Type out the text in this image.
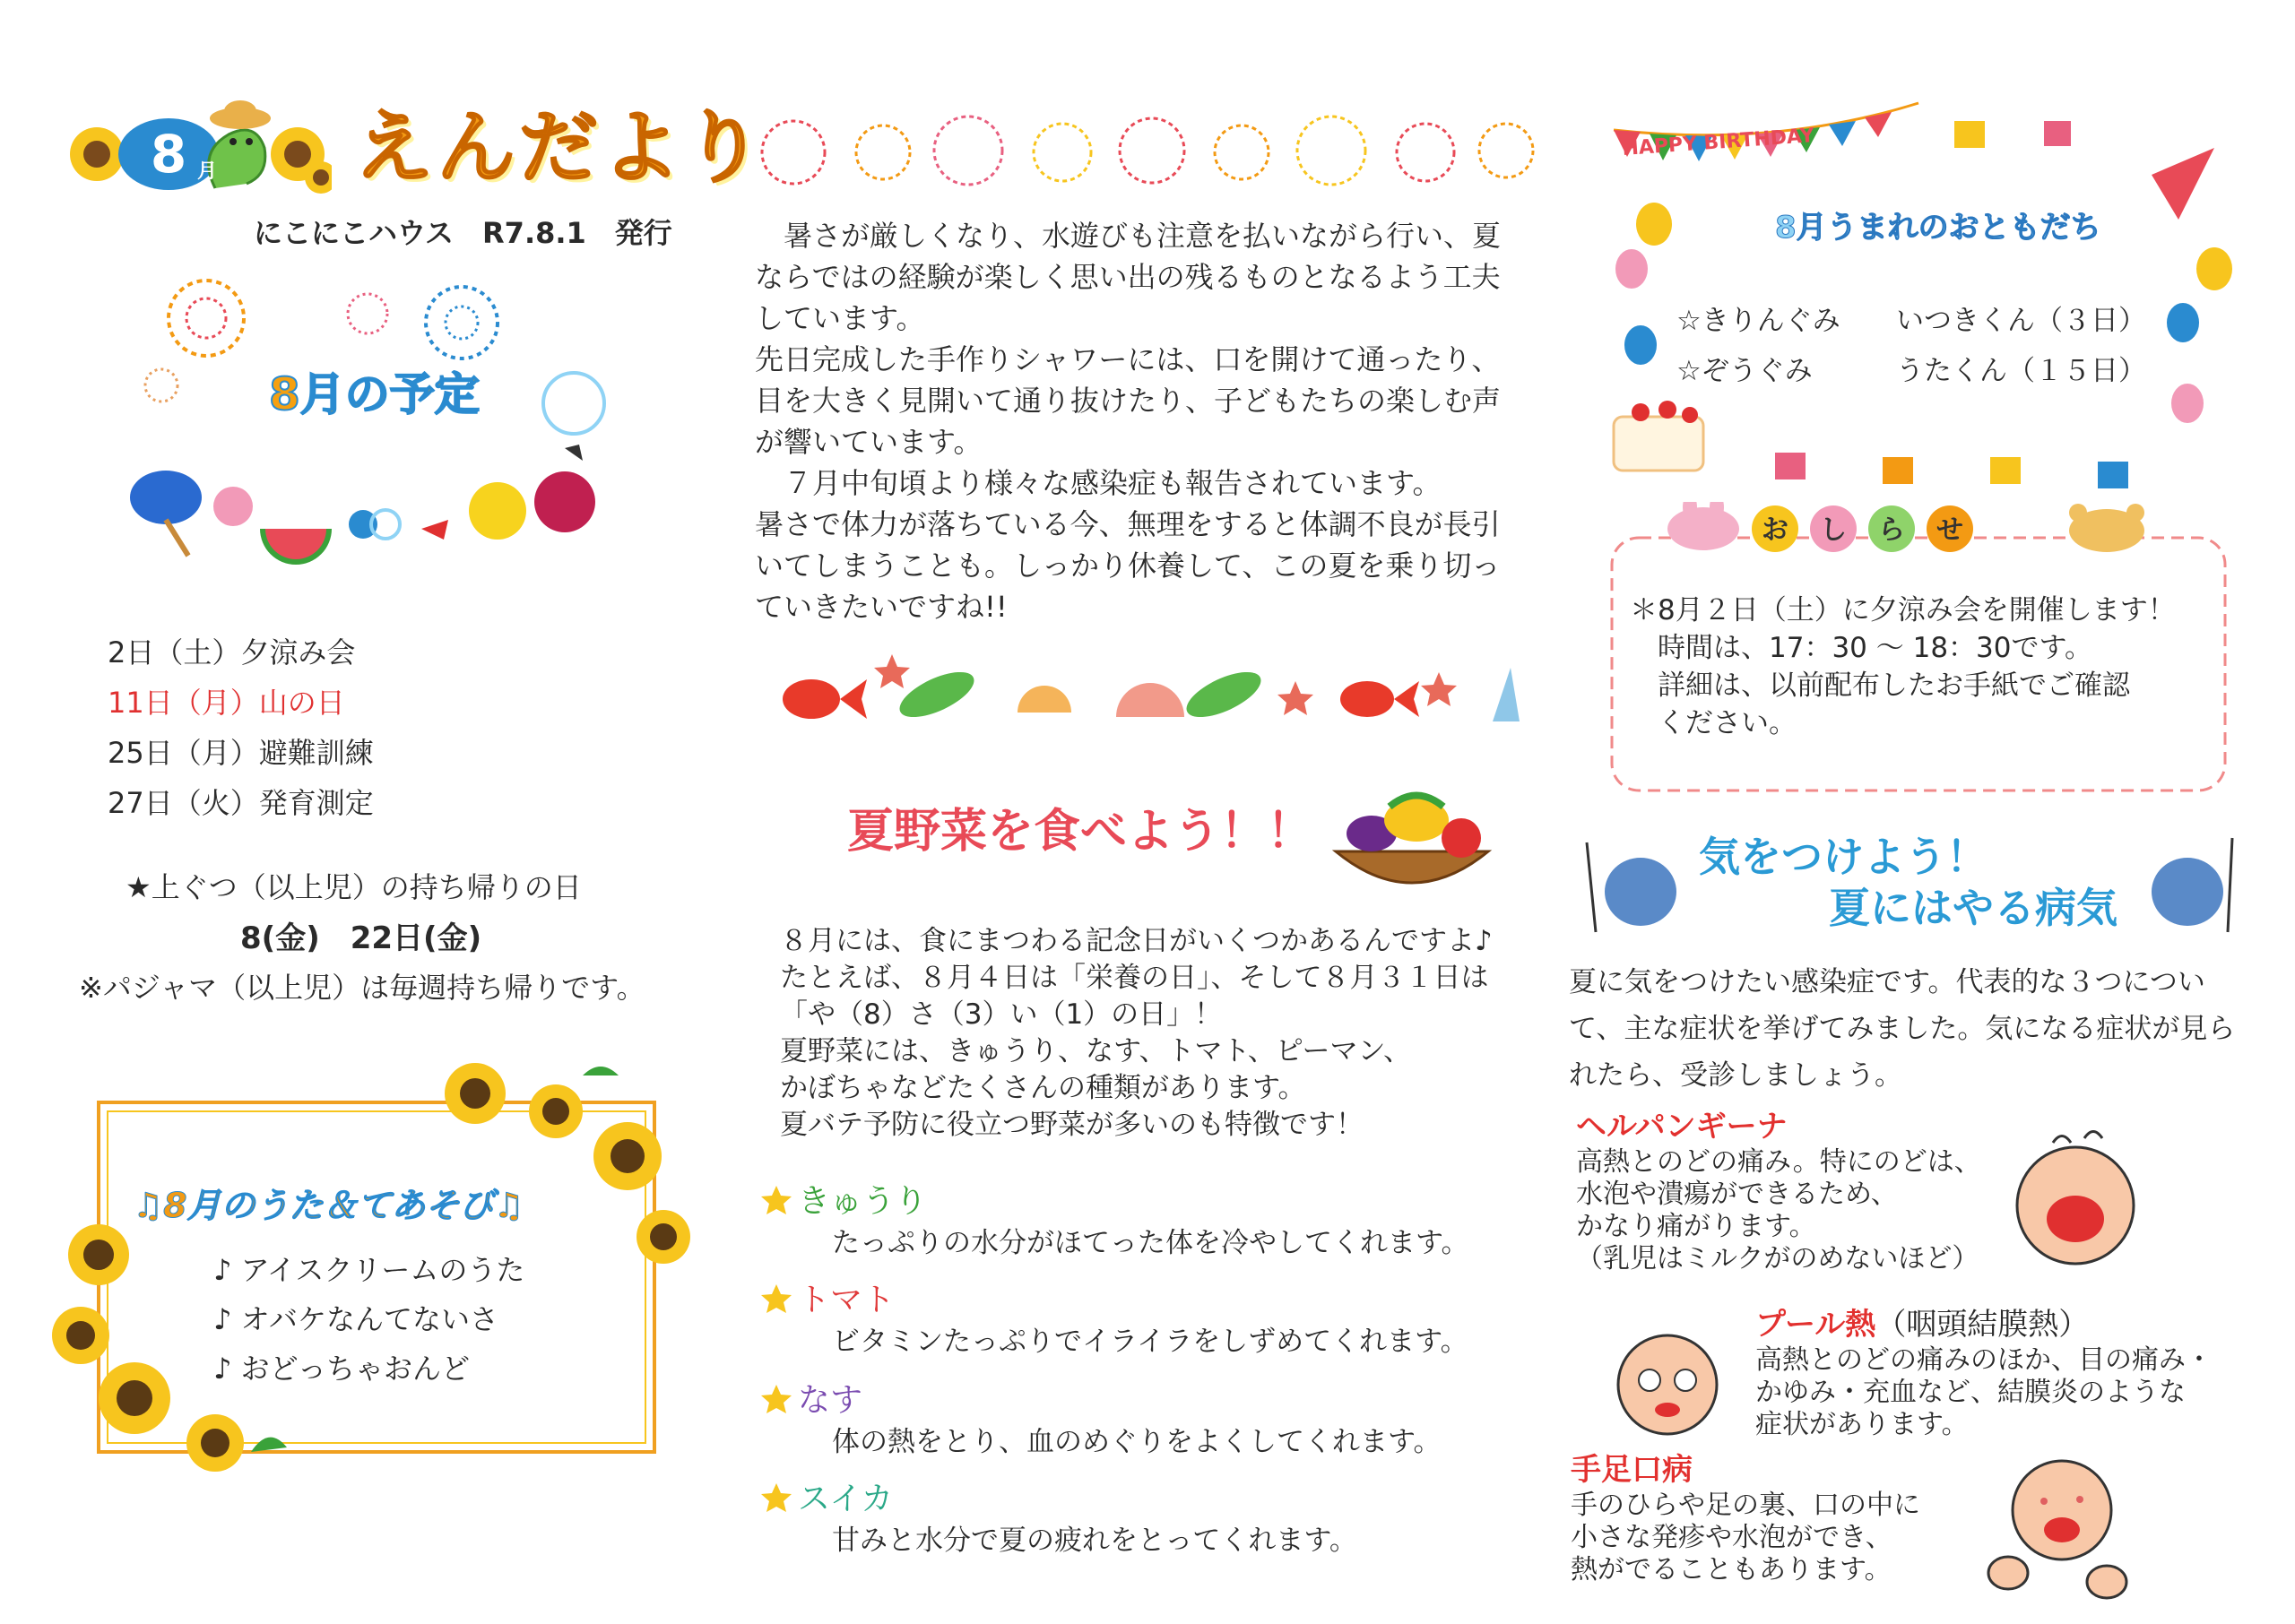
8 月 えんだより
にこにこハウス　R7.8.1　発行
8月の予定
2日（土）夕涼み会
11日（月）山の日
25日（月）避難訓練
27日（火）発育測定
★上ぐつ（以上児）の持ち帰りの日
8(金)　22日(金)
※パジャマ（以上児）は毎週持ち帰りです。
♫8月のうた＆てあそび♫
♪ アイスクリームのうた
♪ オバケなんてないさ
♪ おどっちゃおんど
　暑さが厳しくなり、水遊びも注意を払いながら行い、夏
ならではの経験が楽しく思い出の残るものとなるよう工夫
しています。
先日完成した手作りシャワーには、口を開けて通ったり、
目を大きく見開いて通り抜けたり、子どもたちの楽しむ声
が響いています。
　７月中旬頃より様々な感染症も報告されています。
暑さで体力が落ちている今、無理をすると体調不良が長引
いてしまうことも。しっかり休養して、この夏を乗り切っ
ていきたいですね!!
夏野菜を食べよう！！
８月には、食にまつわる記念日がいくつかあるんですよ♪
たとえば、８月４日は「栄養の日」、そして８月３１日は
「や（8）さ（3）い（1）の日」！
夏野菜には、きゅうり、なす、トマト、ピーマン、
かぼちゃなどたくさんの種類があります。
夏バテ予防に役立つ野菜が多いのも特徴です！
きゅうり
たっぷりの水分がほてった体を冷やしてくれます。
トマト
ビタミンたっぷりでイライラをしずめてくれます。
なす
体の熱をとり、血のめぐりをよくしてくれます。
スイカ
甘みと水分で夏の疲れをとってくれます。
HAPPY BIRTHDAY
8月うまれのおともだち
☆きりんぐみ いつきくん（３日）
☆ぞうぐみ	うたくん（１５日）
お し ら せ
＊8月２日（土）に夕涼み会を開催します！
　時間は、17：30 ～ 18：30です。
　詳細は、以前配布したお手紙でご確認
　ください。
気をつけよう！
夏にはやる病気
夏に気をつけたい感染症です。代表的な３つについ
て、主な症状を挙げてみました。気になる症状が見ら
れたら、受診しましょう。
ヘルパンギーナ
高熱とのどの痛み。特にのどは、
水泡や潰瘍ができるため、
かなり痛がります。
（乳児はミルクがのめないほど）
プール熱（咽頭結膜熱）
高熱とのどの痛みのほか、目の痛み・
かゆみ・充血など、結膜炎のような
症状があります。
手足口病
手のひらや足の裏、口の中に
小さな発疹や水泡ができ、
熱がでることもあります。
